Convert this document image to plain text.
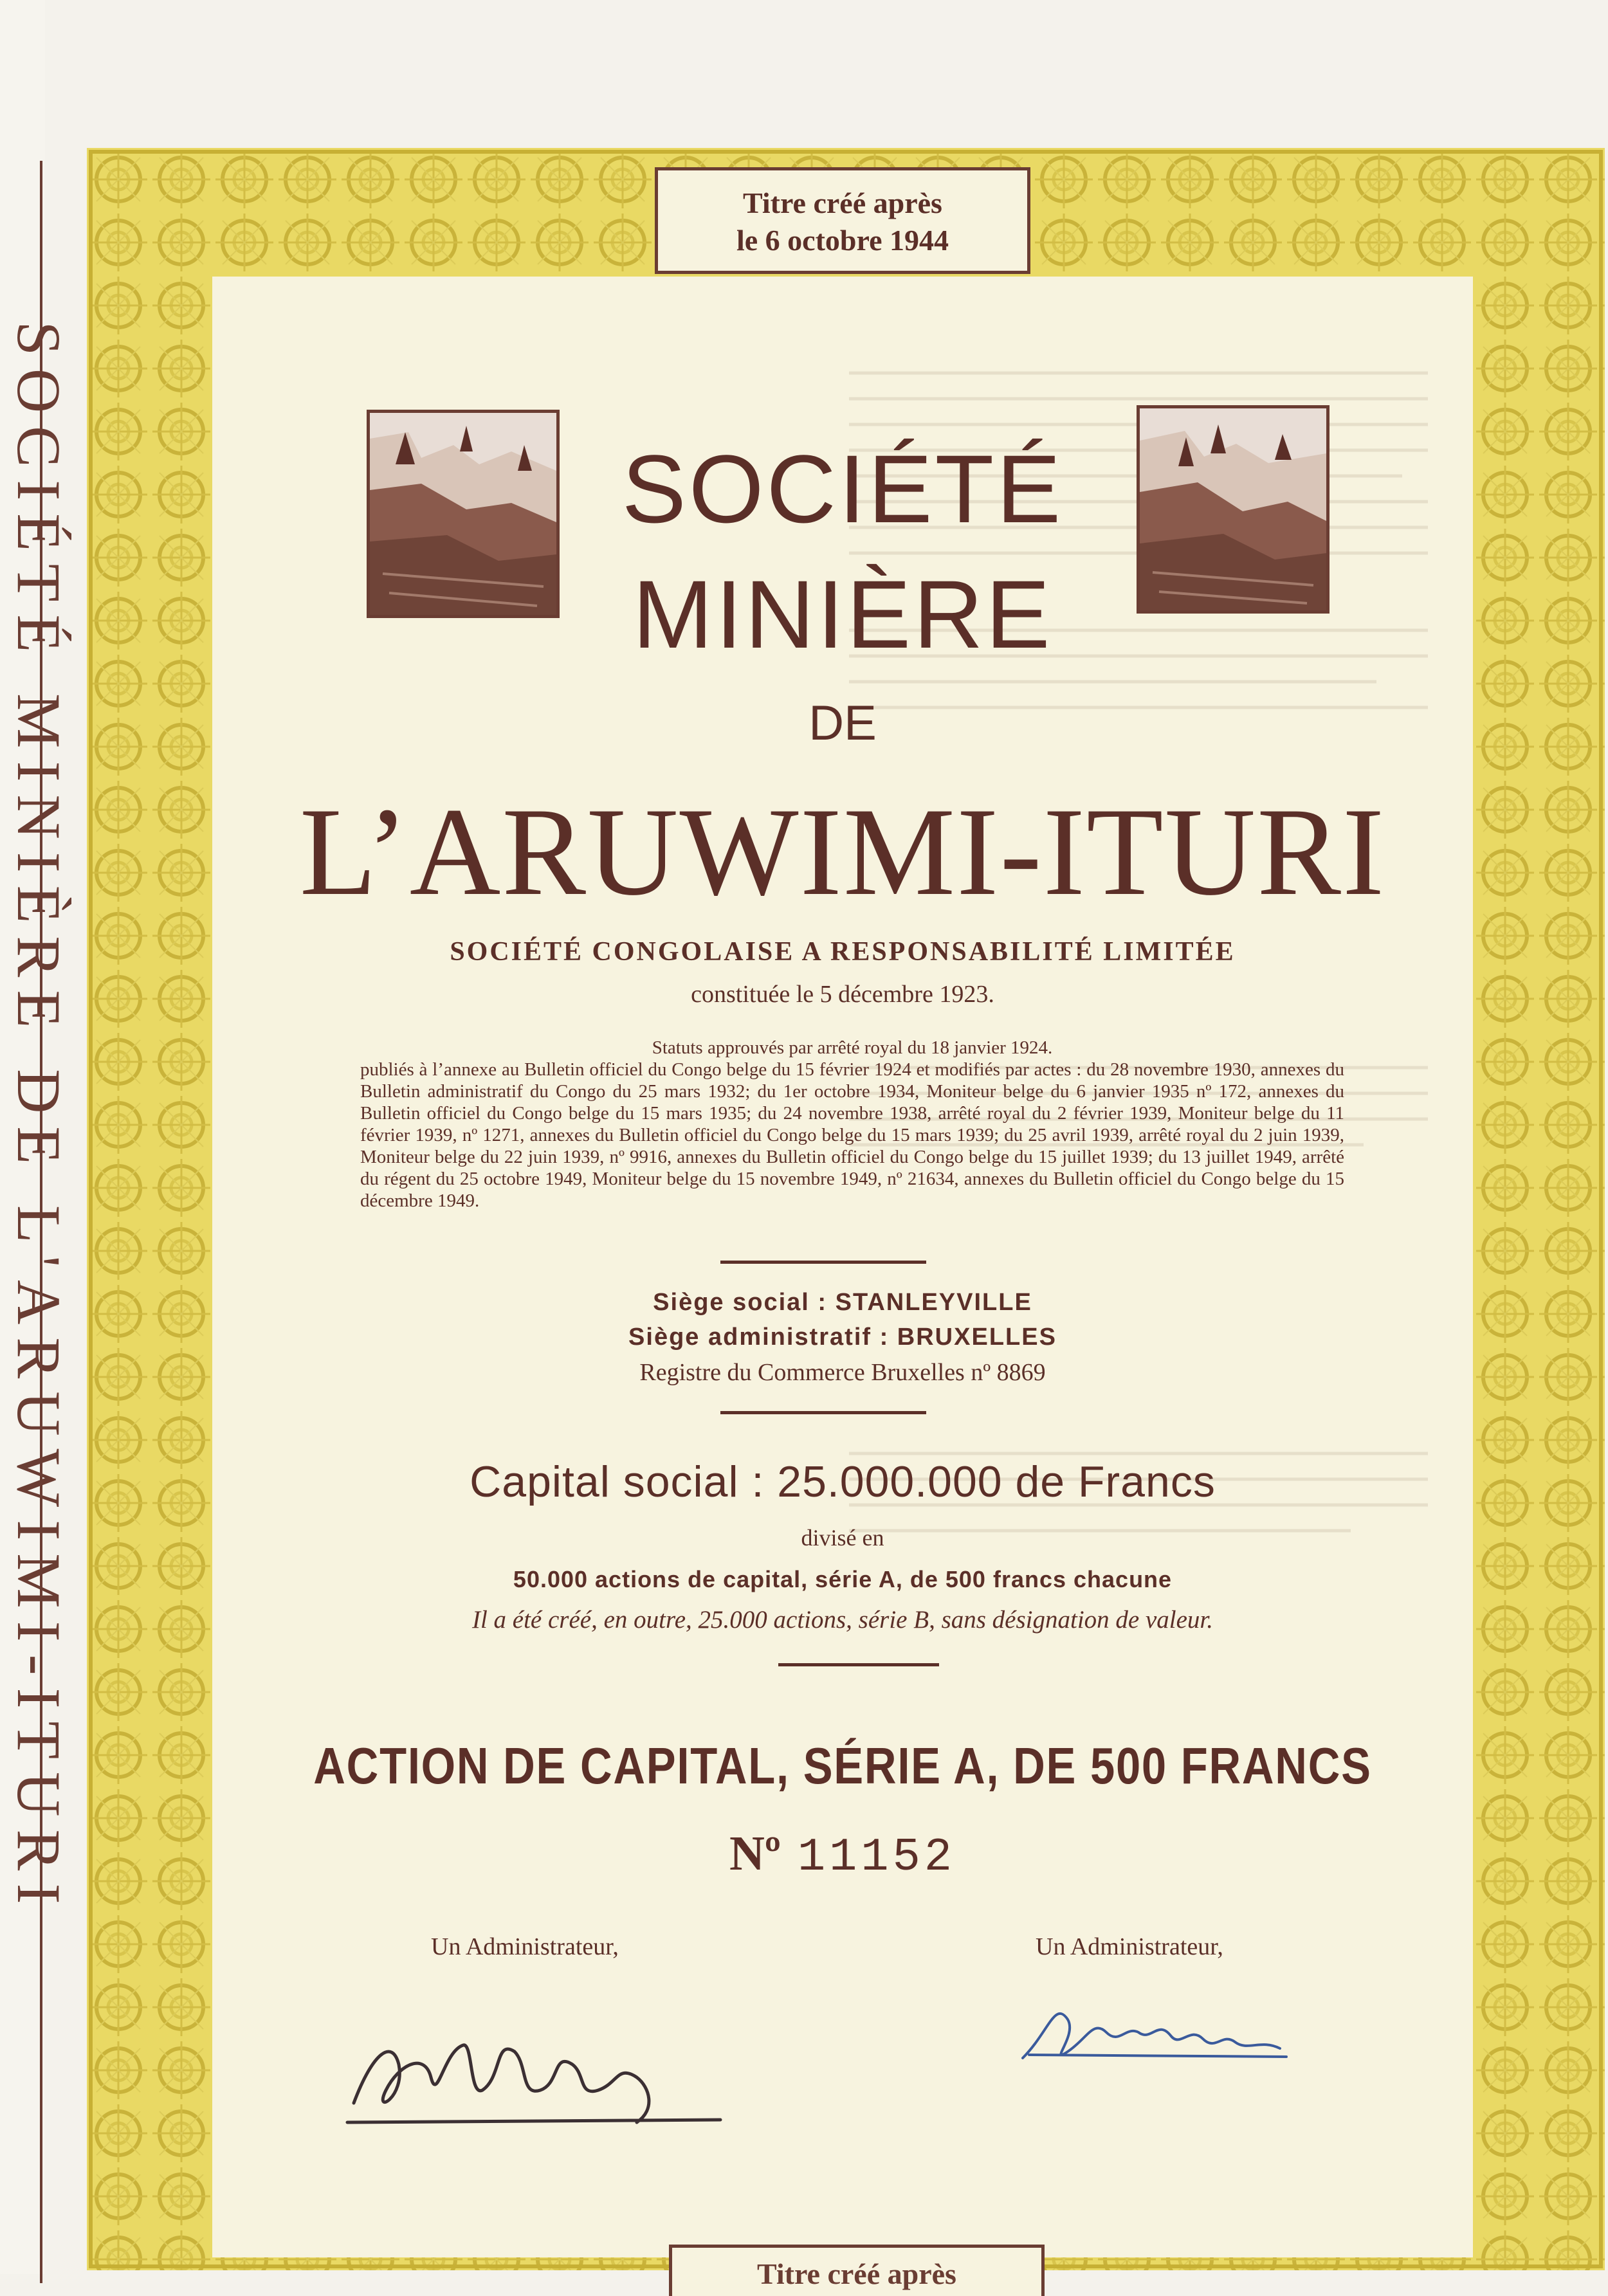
SOCIÉTÉ MINIÈRE DE L'ARUWIMI-ITURI

Titre créé après
le 6 octobre 1944
SOCIÉTÉ
MINIÈRE
DE
L’ARUWIMI-ITURI
SOCIÉTÉ CONGOLAISE A RESPONSABILITÉ LIMITÉE
constituée le 5 décembre 1923.
Statuts approuvés par arrêté royal du 18 janvier 1924.
publiés à l’annexe au Bulletin officiel du Congo belge du 15 février 1924 et modifiés par actes : du 28 novembre 1930, annexes du Bulletin administratif du Congo du 25 mars 1932; du 1er octobre 1934, Moniteur belge du 6 janvier 1935 nº 172, annexes du Bulletin officiel du Congo belge du 15 mars 1935; du 24 novembre 1938, arrêté royal du 2 février 1939, Moniteur belge du 11 février 1939, nº 1271, annexes du Bulletin officiel du Congo belge du 15 mars 1939; du 25 avril 1939, arrêté royal du 2 juin 1939, Moniteur belge du 22 juin 1939, nº 9916, annexes du Bulletin officiel du Congo belge du 15 juillet 1939; du 13 juillet 1949, arrêté du régent du 25 octobre 1949, Moniteur belge du 15 novembre 1949, nº 21634, annexes du Bulletin officiel du Congo belge du 15 décembre 1949.
Siège social : STANLEYVILLE
Siège administratif : BRUXELLES
Registre du Commerce Bruxelles nº 8869
Capital social : 25.000.000 de Francs
divisé en
50.000 actions de capital, série A, de 500 francs chacune
Il a été créé, en outre, 25.000 actions, série B, sans désignation de valeur.
ACTION DE CAPITAL, SÉRIE A, DE 500 FRANCS
Nº 11152
Un Administrateur,	Un Administrateur,
Titre créé après
